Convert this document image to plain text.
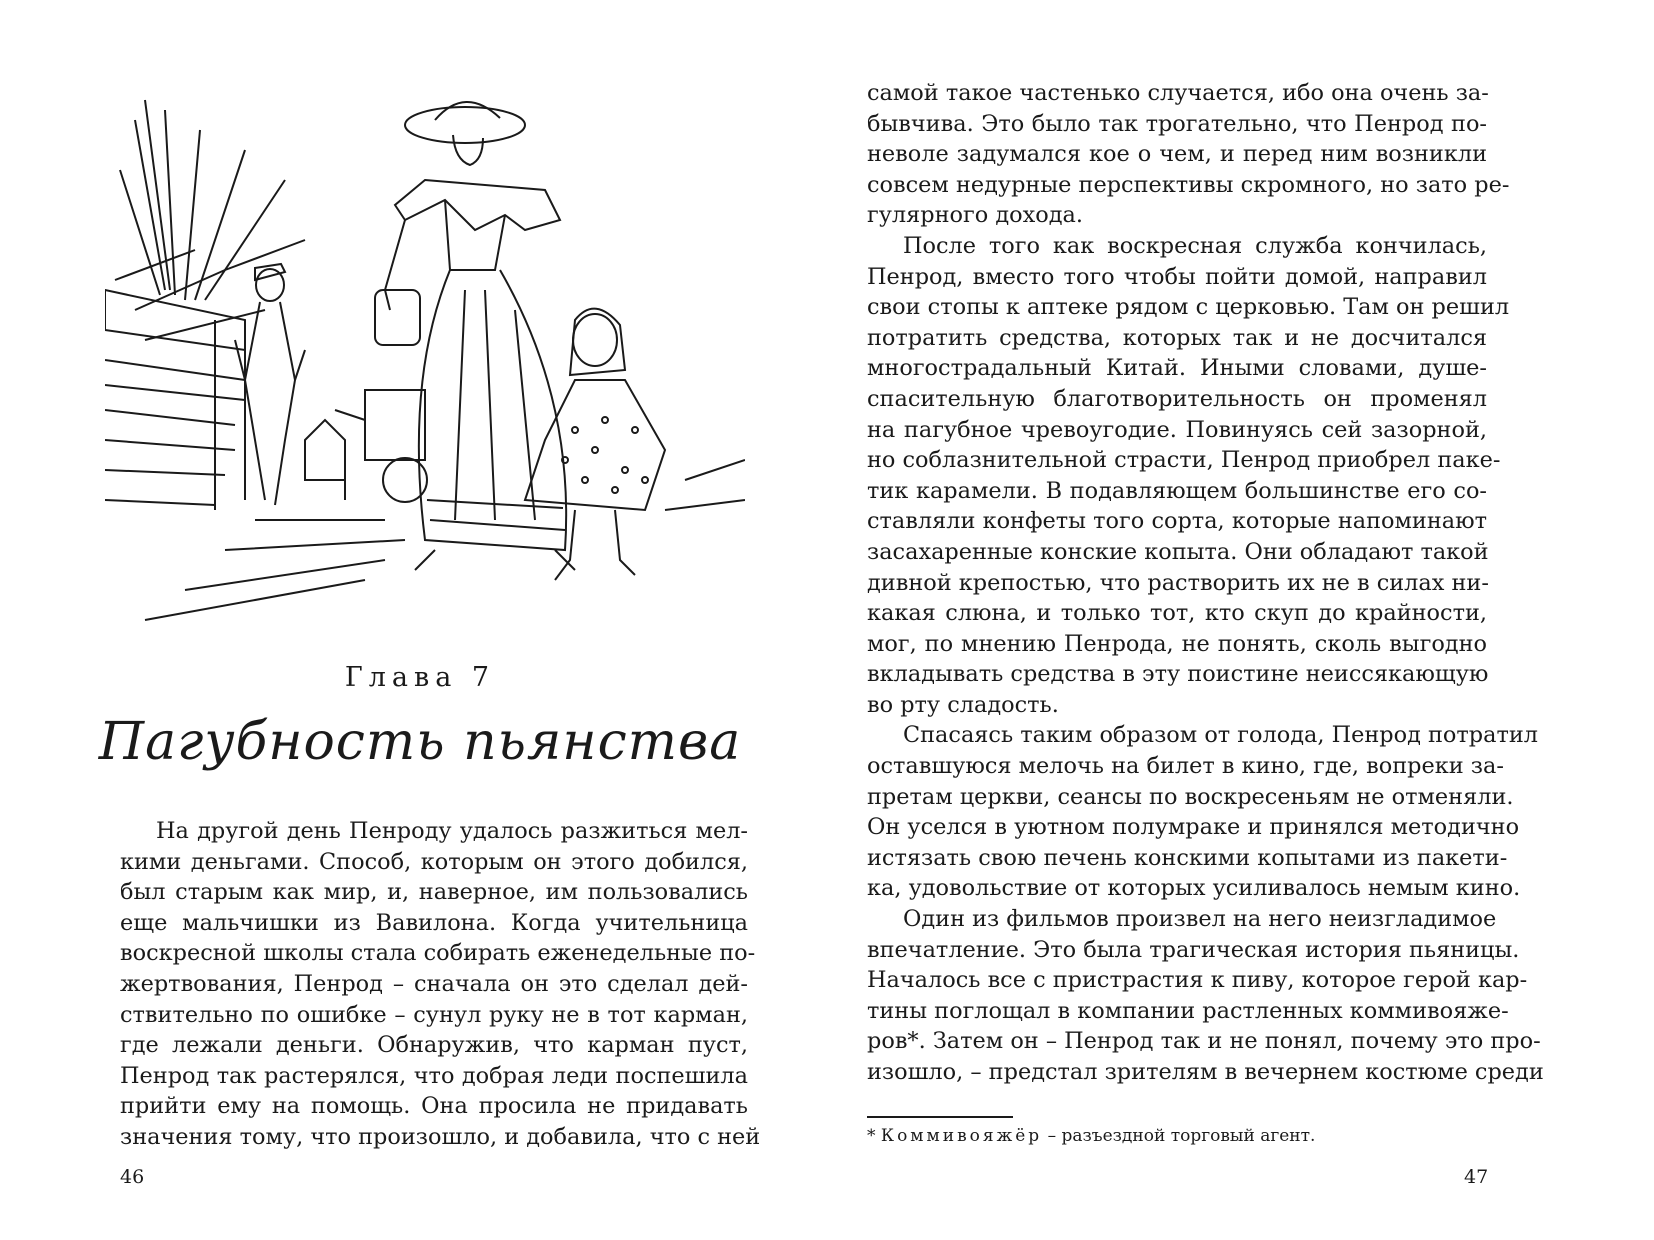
Глава 7
Пагубность пьянства
На другой день Пенроду удалось разжиться мел-
кими деньгами. Способ, которым он этого добился,
был старым как мир, и, наверное, им пользовались
еще мальчишки из Вавилона. Когда учительница
воскресной школы стала собирать еженедельные по-
жертвования, Пенрод – сначала он это сделал дей-
ствительно по ошибке – сунул руку не в тот карман,
где лежали деньги. Обнаружив, что карман пуст,
Пенрод так растерялся, что добрая леди поспешила
прийти ему на помощь. Она просила не придавать
значения тому, что произошло, и добавила, что с ней
46
самой такое частенько случается, ибо она очень за-
бывчива. Это было так трогательно, что Пенрод по-
неволе задумался кое о чем, и перед ним возникли
совсем недурные перспективы скромного, но зато ре-
гулярного дохода.
После того как воскресная служба кончилась,
Пенрод, вместо того чтобы пойти домой, направил
свои стопы к аптеке рядом с церковью. Там он решил
потратить средства, которых так и не досчитался
многострадальный Китай. Иными словами, душе-
спасительную благотворительность он променял
на пагубное чревоугодие. Повинуясь сей зазорной,
но соблазнительной страсти, Пенрод приобрел паке-
тик карамели. В подавляющем большинстве его со-
ставляли конфеты того сорта, которые напоминают
засахаренные конские копыта. Они обладают такой
дивной крепостью, что растворить их не в силах ни-
какая слюна, и только тот, кто скуп до крайности,
мог, по мнению Пенрода, не понять, сколь выгодно
вкладывать средства в эту поистине неиссякающую
во рту сладость.
Спасаясь таким образом от голода, Пенрод потратил
оставшуюся мелочь на билет в кино, где, вопреки за-
претам церкви, сеансы по воскресеньям не отменяли.
Он уселся в уютном полумраке и принялся методично
истязать свою печень конскими копытами из пакети-
ка, удовольствие от которых усиливалось немым кино.
Один из фильмов произвел на него неизгладимое
впечатление. Это была трагическая история пьяницы.
Началось все с пристрастия к пиву, которое герой кар-
тины поглощал в компании растленных коммивояже-
ров*. Затем он – Пенрод так и не понял, почему это про-
изошло, – предстал зрителям в вечернем костюме среди
* Коммивояжёр – разъездной торговый агент.
47
